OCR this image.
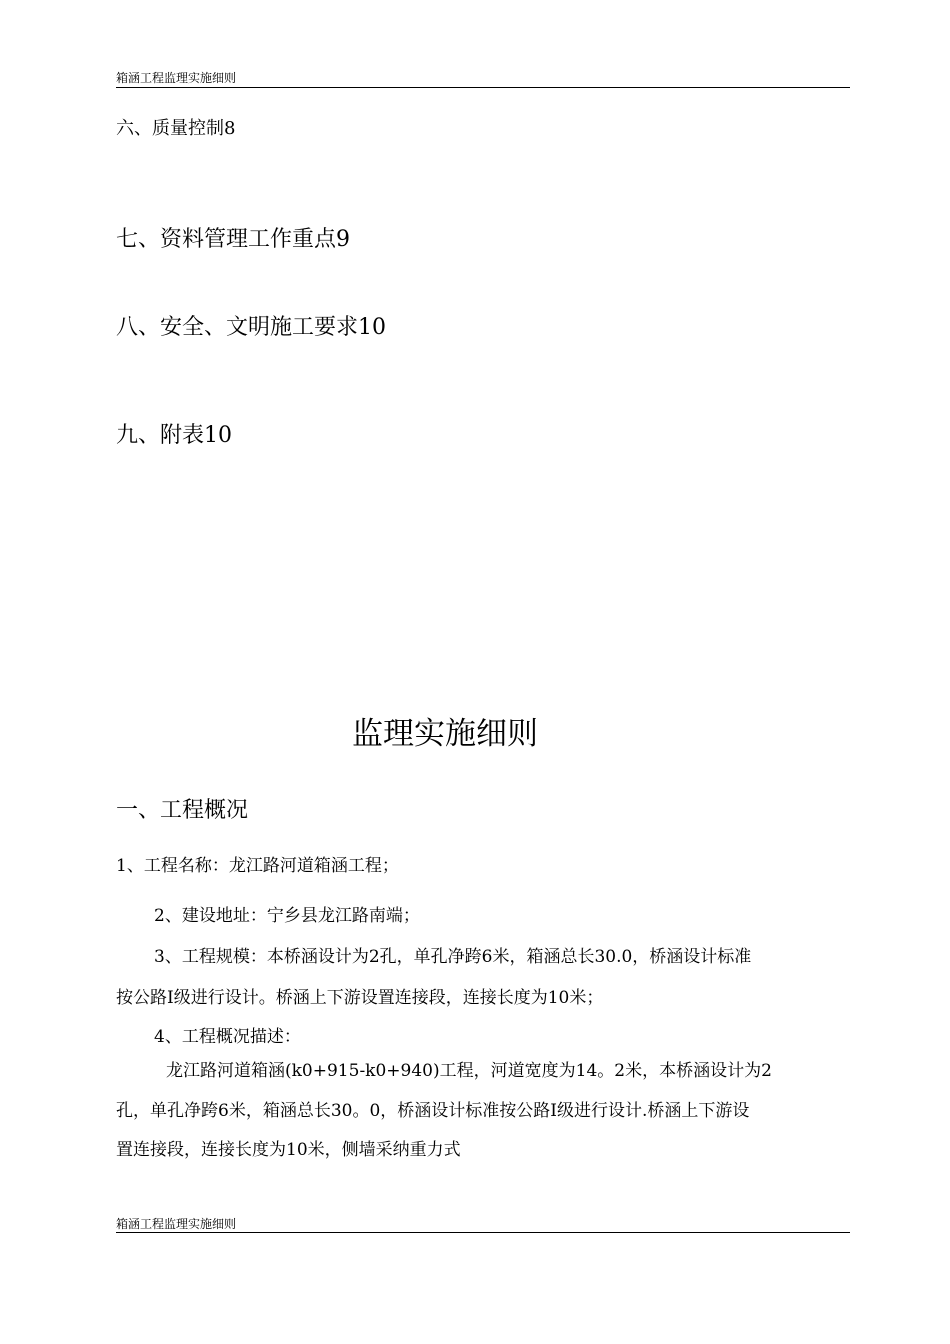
箱涵工程监理实施细则
六、质量控制8
七、资料管理工作重点9
八、安全、文明施工要求10
九、附表10
监理实施细则
一、工程概况
1、工程名称：龙江路河道箱涵工程；
2、建设地址：宁乡县龙江路南端；
3、工程规模：本桥涵设计为2孔，单孔净跨6米，箱涵总长30.0，桥涵设计标准
按公路Ⅰ级进行设计。桥涵上下游设置连接段，连接长度为10米；
4、工程概况描述：
龙江路河道箱涵(k0+915-k0+940)工程，河道宽度为14。2米，本桥涵设计为2
孔，单孔净跨6米，箱涵总长30。0，桥涵设计标准按公路Ⅰ级进行设计.桥涵上下游设
置连接段，连接长度为10米，侧墙采纳重力式
箱涵工程监理实施细则
